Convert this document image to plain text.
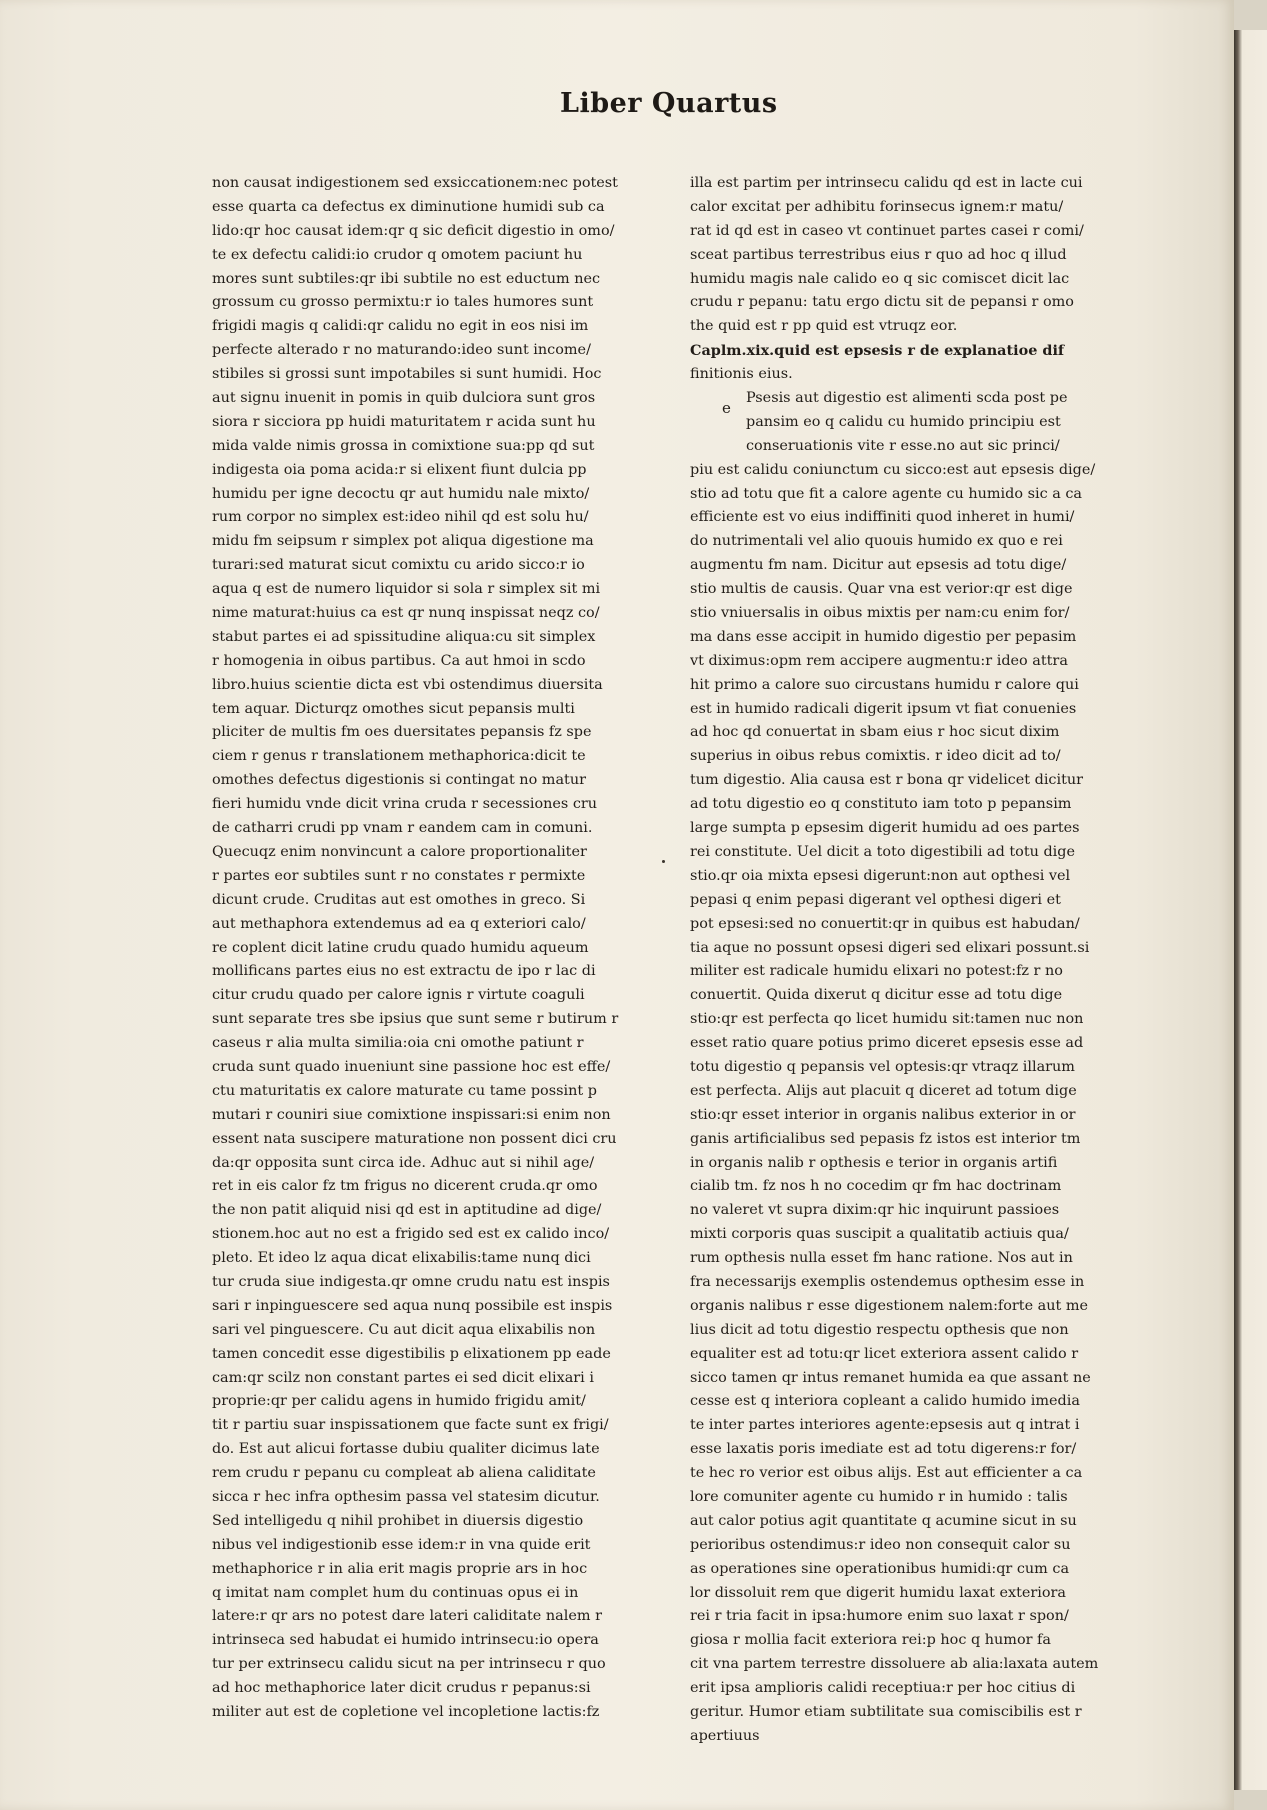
Liber Quartus
non causat indigestionem sed exsiccationem:nec potest
esse quarta ca defectus ex diminutione humidi sub ca
lido:qr hoc causat idem:qr q sic deficit digestio in omo/
te ex defectu calidi:io crudor q omotem paciunt hu
mores sunt subtiles:qr ibi subtile no est eductum nec
grossum cu grosso permixtu:r io tales humores sunt
frigidi magis q calidi:qr calidu no egit in eos nisi im
perfecte alterado r no maturando:ideo sunt income/
stibiles si grossi sunt impotabiles si sunt humidi. Hoc
aut signu inuenit in pomis in quib dulciora sunt gros
siora r sicciora pp huidi maturitatem r acida sunt hu
mida valde nimis grossa in comixtione sua:pp qd sut
indigesta oia poma acida:r si elixent fiunt dulcia pp
humidu per igne decoctu qr aut humidu nale mixto/
rum corpor no simplex est:ideo nihil qd est solu hu/
midu fm seipsum r simplex pot aliqua digestione ma
turari:sed maturat sicut comixtu cu arido sicco:r io
aqua q est de numero liquidor si sola r simplex sit mi
nime maturat:huius ca est qr nunq inspissat neqz co/
stabut partes ei ad spissitudine aliqua:cu sit simplex
r homogenia in oibus partibus. Ca aut hmoi in scdo
libro.huius scientie dicta est vbi ostendimus diuersita
tem aquar. Dicturqz omothes sicut pepansis multi
pliciter de multis fm oes duersitates pepansis fz spe
ciem r genus r translationem methaphorica:dicit te
omothes defectus digestionis si contingat no matur
fieri humidu vnde dicit vrina cruda r secessiones cru
de catharri crudi pp vnam r eandem cam in comuni.
Quecuqz enim nonvincunt a calore proportionaliter
r partes eor subtiles sunt r no constates r permixte
dicunt crude. Cruditas aut est omothes in greco. Si
aut methaphora extendemus ad ea q exteriori calo/
re coplent dicit latine crudu quado humidu aqueum
mollificans partes eius no est extractu de ipo r lac di
citur crudu quado per calore ignis r virtute coaguli
sunt separate tres sbe ipsius que sunt seme r butirum r
caseus r alia multa similia:oia cni omothe patiunt r
cruda sunt quado inueniunt sine passione hoc est effe/
ctu maturitatis ex calore maturate cu tame possint p
mutari r couniri siue comixtione inspissari:si enim non
essent nata suscipere maturatione non possent dici cru
da:qr opposita sunt circa ide. Adhuc aut si nihil age/
ret in eis calor fz tm frigus no dicerent cruda.qr omo
the non patit aliquid nisi qd est in aptitudine ad dige/
stionem.hoc aut no est a frigido sed est ex calido inco/
pleto. Et ideo lz aqua dicat elixabilis:tame nunq dici
tur cruda siue indigesta.qr omne crudu natu est inspis
sari r inpinguescere sed aqua nunq possibile est inspis
sari vel pinguescere. Cu aut dicit aqua elixabilis non
tamen concedit esse digestibilis p elixationem pp eade
cam:qr scilz non constant partes ei sed dicit elixari i
proprie:qr per calidu agens in humido frigidu amit/
tit r partiu suar inspissationem que facte sunt ex frigi/
do. Est aut alicui fortasse dubiu qualiter dicimus late
rem crudu r pepanu cu compleat ab aliena caliditate
sicca r hec infra opthesim passa vel statesim dicutur.
Sed intelligedu q nihil prohibet in diuersis digestio
nibus vel indigestionib esse idem:r in vna quide erit
methaphorice r in alia erit magis proprie ars in hoc
q imitat nam complet hum du continuas opus ei in
latere:r qr ars no potest dare lateri caliditate nalem r
intrinseca sed habudat ei humido intrinsecu:io opera
tur per extrinsecu calidu sicut na per intrinsecu r quo
ad hoc methaphorice later dicit crudus r pepanus:si
militer aut est de copletione vel incopletione lactis:fz
e
illa est partim per intrinsecu calidu qd est in lacte cui
calor excitat per adhibitu forinsecus ignem:r matu/
rat id qd est in caseo vt continuet partes casei r comi/
sceat partibus terrestribus eius r quo ad hoc q illud
humidu magis nale calido eo q sic comiscet dicit lac
crudu r pepanu: tatu ergo dictu sit de pepansi r omo
the quid est r pp quid est vtruqz eor.
Caplm.xix.quid est epsesis r de explanatioe dif
finitionis eius.
Psesis aut digestio est alimenti scda post pe
pansim eo q calidu cu humido principiu est
conseruationis vite r esse.no aut sic princi/
piu est calidu coniunctum cu sicco:est aut epsesis dige/
stio ad totu que fit a calore agente cu humido sic a ca
efficiente est vo eius indiffiniti quod inheret in humi/
do nutrimentali vel alio quouis humido ex quo e rei
augmentu fm nam. Dicitur aut epsesis ad totu dige/
stio multis de causis. Quar vna est verior:qr est dige
stio vniuersalis in oibus mixtis per nam:cu enim for/
ma dans esse accipit in humido digestio per pepasim
vt diximus:opm rem accipere augmentu:r ideo attra
hit primo a calore suo circustans humidu r calore qui
est in humido radicali digerit ipsum vt fiat conuenies
ad hoc qd conuertat in sbam eius r hoc sicut dixim
superius in oibus rebus comixtis. r ideo dicit ad to/
tum digestio. Alia causa est r bona qr videlicet dicitur
ad totu digestio eo q constituto iam toto p pepansim
large sumpta p epsesim digerit humidu ad oes partes
rei constitute. Uel dicit a toto digestibili ad totu dige
stio.qr oia mixta epsesi digerunt:non aut opthesi vel
pepasi q enim pepasi digerant vel opthesi digeri et
pot epsesi:sed no conuertit:qr in quibus est habudan/
tia aque no possunt opsesi digeri sed elixari possunt.si
militer est radicale humidu elixari no potest:fz r no
conuertit. Quida dixerut q dicitur esse ad totu dige
stio:qr est perfecta qo licet humidu sit:tamen nuc non
esset ratio quare potius primo diceret epsesis esse ad
totu digestio q pepansis vel optesis:qr vtraqz illarum
est perfecta. Alijs aut placuit q diceret ad totum dige
stio:qr esset interior in organis nalibus exterior in or
ganis artificialibus sed pepasis fz istos est interior tm
in organis nalib r opthesis e terior in organis artifi
cialib tm. fz nos h no cocedim qr fm hac doctrinam
no valeret vt supra dixim:qr hic inquirunt passioes
mixti corporis quas suscipit a qualitatib actiuis qua/
rum opthesis nulla esset fm hanc ratione. Nos aut in
fra necessarijs exemplis ostendemus opthesim esse in
organis nalibus r esse digestionem nalem:forte aut me
lius dicit ad totu digestio respectu opthesis que non
equaliter est ad totu:qr licet exteriora assent calido r
sicco tamen qr intus remanet humida ea que assant ne
cesse est q interiora copleant a calido humido imedia
te inter partes interiores agente:epsesis aut q intrat i
esse laxatis poris imediate est ad totu digerens:r for/
te hec ro verior est oibus alijs. Est aut efficienter a ca
lore comuniter agente cu humido r in humido : talis
aut calor potius agit quantitate q acumine sicut in su
perioribus ostendimus:r ideo non consequit calor su
as operationes sine operationibus humidi:qr cum ca
lor dissoluit rem que digerit humidu laxat exteriora
rei r tria facit in ipsa:humore enim suo laxat r spon/
giosa r mollia facit exteriora rei:p hoc q humor fa
cit vna partem terrestre dissoluere ab alia:laxata autem
erit ipsa amplioris calidi receptiua:r per hoc citius di
geritur. Humor etiam subtilitate sua comiscibilis est r
apertiuus
